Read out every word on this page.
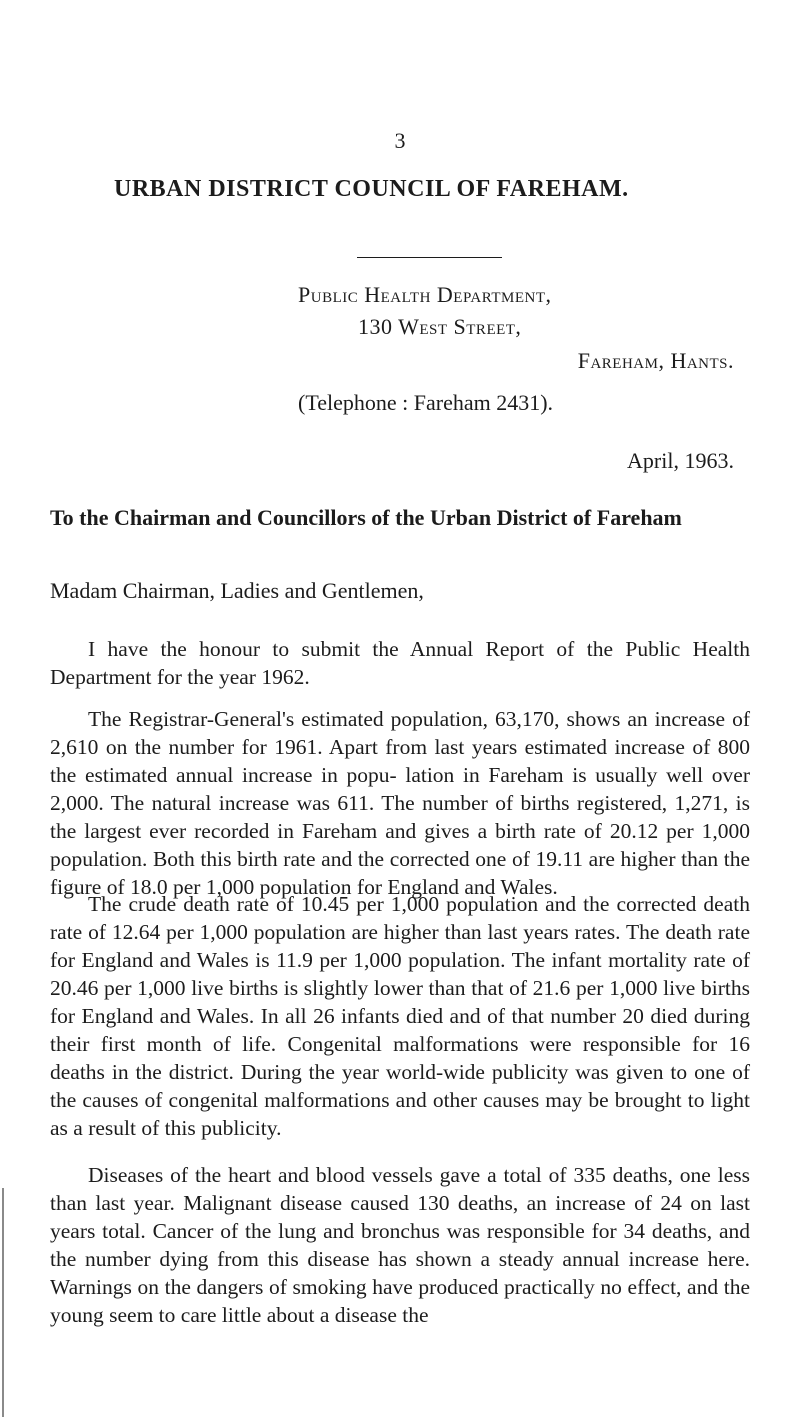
3
URBAN DISTRICT COUNCIL OF FAREHAM.
Public Health Department,
130 West Street,
Fareham, Hants.
(Telephone : Fareham 2431).
April, 1963.

To the Chairman and Councillors of the Urban District of Fareham

Madam Chairman, Ladies and Gentlemen,

I have the honour to submit the Annual Report of the Public Health Department for the year 1962.

The Registrar-General's estimated population, 63,170, shows an increase of 2,610 on the number for 1961. Apart from last years estimated increase of 800 the estimated annual increase in popu- lation in Fareham is usually well over 2,000. The natural increase was 611. The number of births registered, 1,271, is the largest ever recorded in Fareham and gives a birth rate of 20.12 per 1,000 population. Both this birth rate and the corrected one of 19.11 are higher than the figure of 18.0 per 1,000 population for England and Wales.

The crude death rate of 10.45 per 1,000 population and the corrected death rate of 12.64 per 1,000 population are higher than last years rates. The death rate for England and Wales is 11.9 per 1,000 population. The infant mortality rate of 20.46 per 1,000 live births is slightly lower than that of 21.6 per 1,000 live births for England and Wales. In all 26 infants died and of that number 20 died during their first month of life. Congenital malformations were responsible for 16 deaths in the district. During the year world-wide publicity was given to one of the causes of congenital malformations and other causes may be brought to light as a result of this publicity.

Diseases of the heart and blood vessels gave a total of 335 deaths, one less than last year. Malignant disease caused 130 deaths, an increase of 24 on last years total. Cancer of the lung and bronchus was responsible for 34 deaths, and the number dying from this disease has shown a steady annual increase here. Warnings on the dangers of smoking have produced practically no effect, and the young seem to care little about a disease the
